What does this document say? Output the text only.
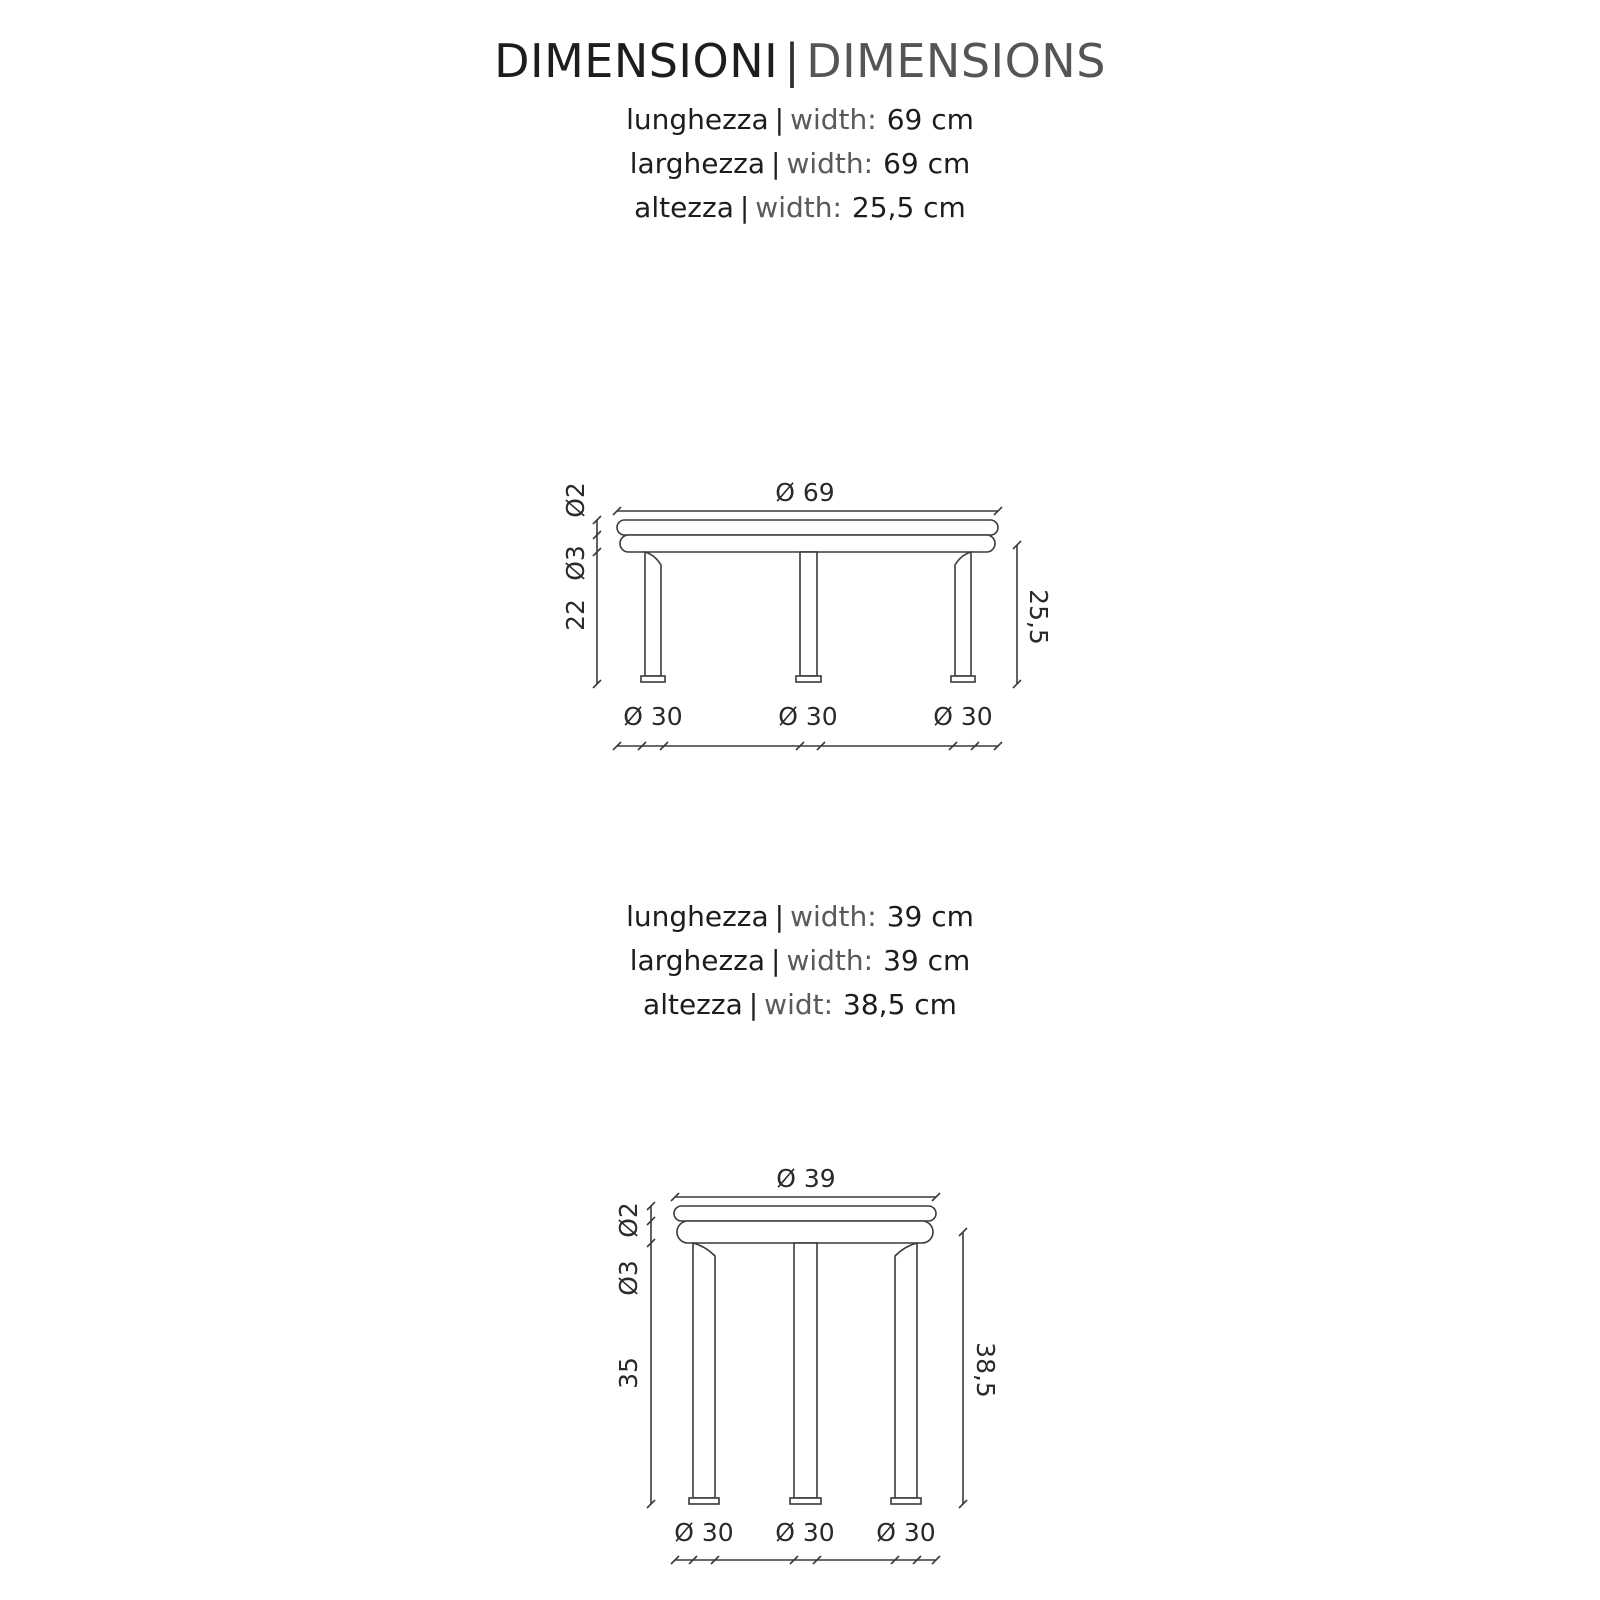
DIMENSIONI | DIMENSIONS
lunghezza | width: 69 cm
larghezza | width: 69 cm
altezza | width: 25,5 cm
Ø 69
Ø2
Ø3
22	25,5
Ø 30	Ø 30	Ø 30
lunghezza | width: 39 cm
larghezza | width: 39 cm
altezza | widt: 38,5 cm
Ø 39
Ø2
Ø3
35	38,5
Ø 30 Ø 30 Ø 30
